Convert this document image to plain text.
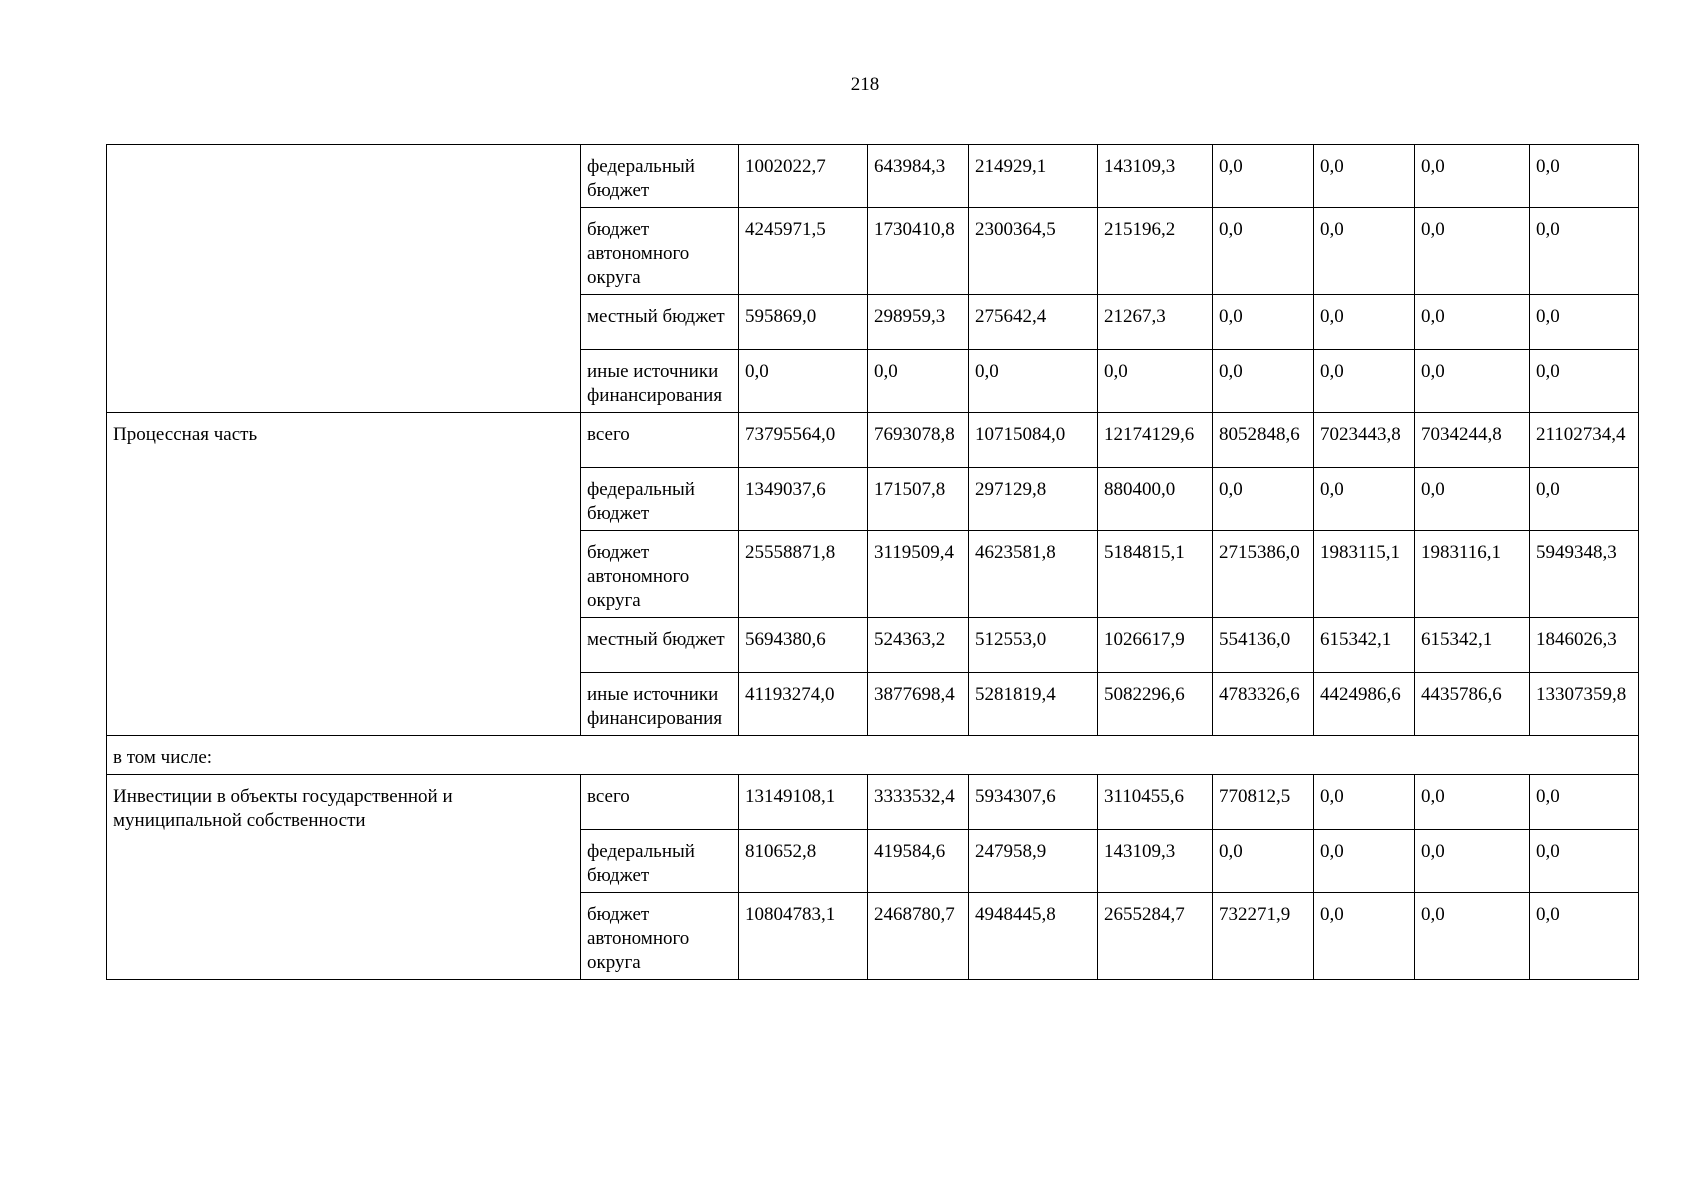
218
	федеральный бюджет	1002022,7	643984,3	214929,1	143109,3	0,0	0,0	0,0	0,0
	бюджет автономного округа	4245971,5	1730410,8	2300364,5	215196,2	0,0	0,0	0,0	0,0
	местный бюджет	595869,0	298959,3	275642,4	21267,3	0,0	0,0	0,0	0,0
	иные источники финансирования	0,0	0,0	0,0	0,0	0,0	0,0	0,0	0,0
Процессная часть	всего	73795564,0	7693078,8	10715084,0	12174129,6	8052848,6	7023443,8	7034244,8	21102734,4
	федеральный бюджет	1349037,6	171507,8	297129,8	880400,0	0,0	0,0	0,0	0,0
	бюджет автономного округа	25558871,8	3119509,4	4623581,8	5184815,1	2715386,0	1983115,1	1983116,1	5949348,3
	местный бюджет	5694380,6	524363,2	512553,0	1026617,9	554136,0	615342,1	615342,1	1846026,3
	иные источники финансирования	41193274,0	3877698,4	5281819,4	5082296,6	4783326,6	4424986,6	4435786,6	13307359,8
в том числе:									
Инвестиции в объекты государственной и муниципальной собственности	всего	13149108,1	3333532,4	5934307,6	3110455,6	770812,5	0,0	0,0	0,0
	федеральный бюджет	810652,8	419584,6	247958,9	143109,3	0,0	0,0	0,0	0,0
	бюджет автономного округа	10804783,1	2468780,7	4948445,8	2655284,7	732271,9	0,0	0,0	0,0
